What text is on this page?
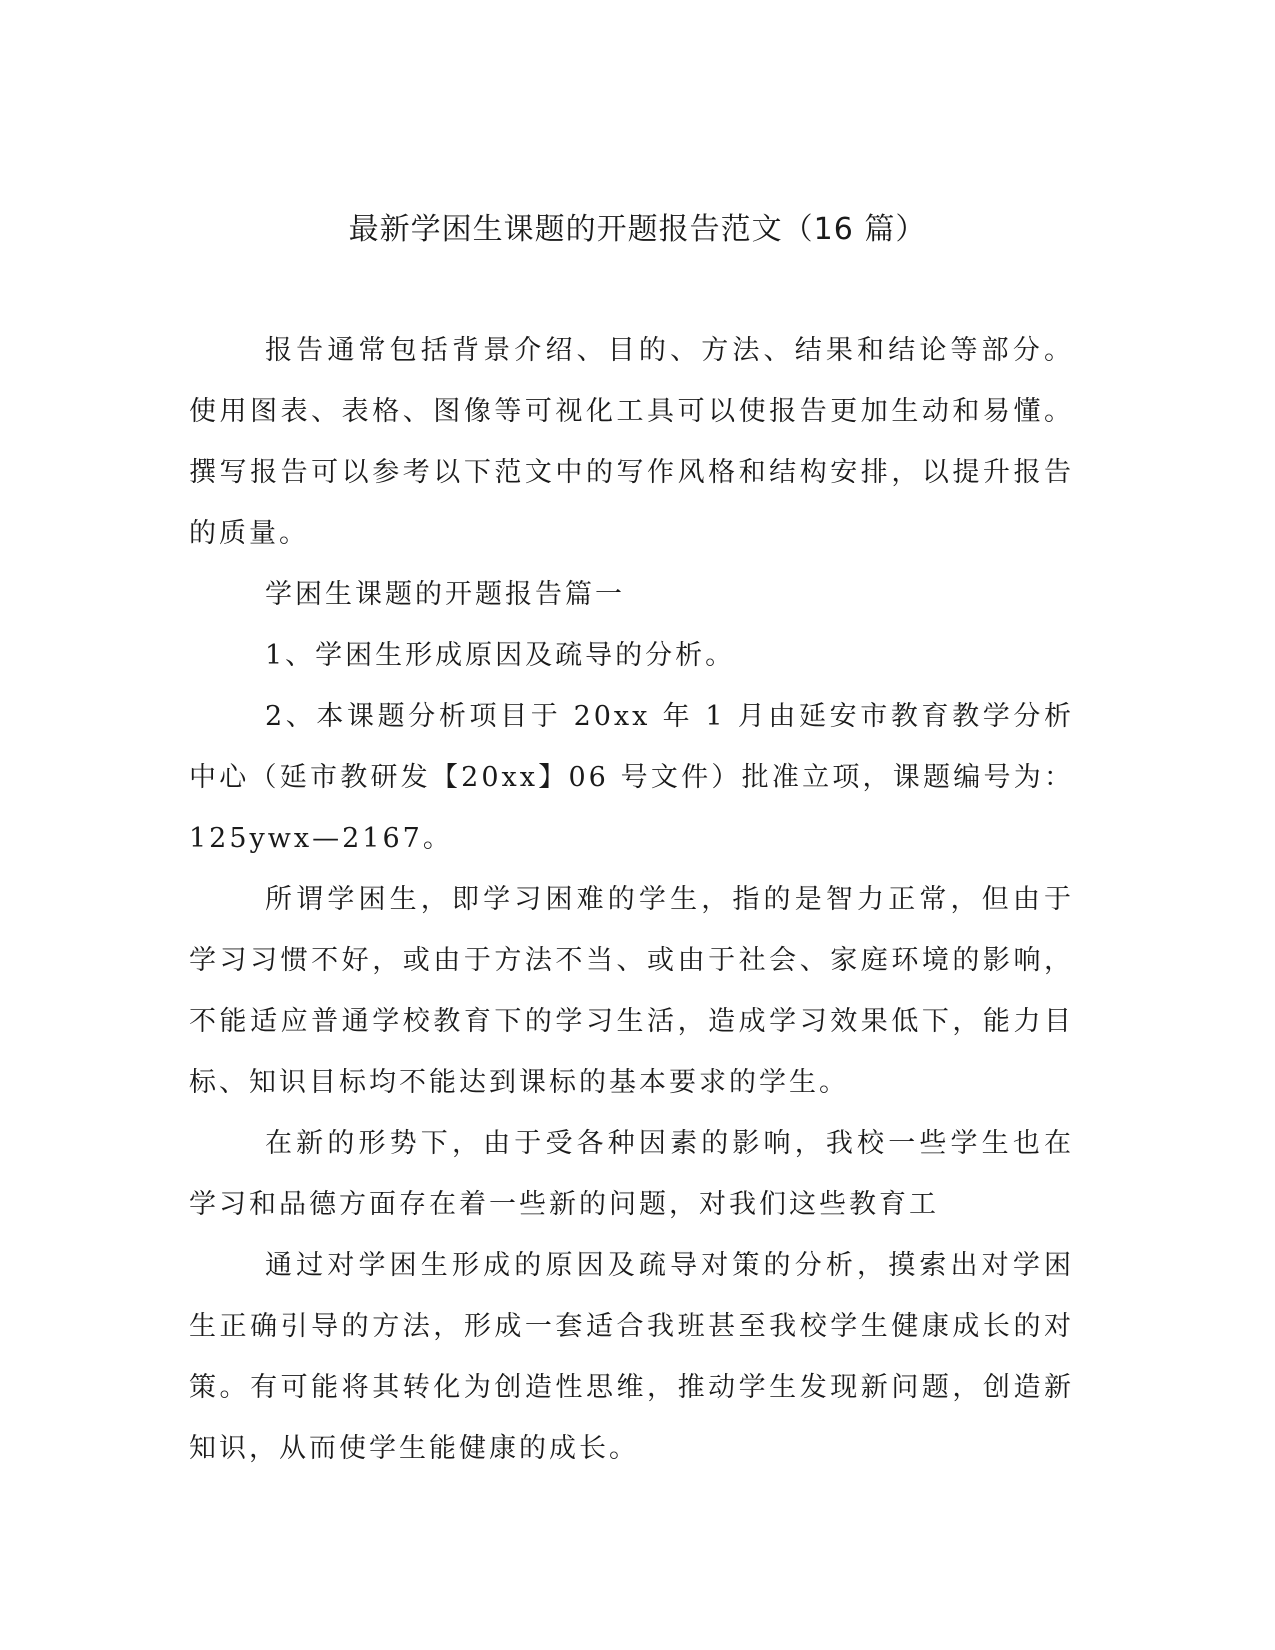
最新学困生课题的开题报告范文（16 篇）

报告通常包括背景介绍、目的、方法、结果和结论等部分。使用图表、表格、图像等可视化工具可以使报告更加生动和易懂。撰写报告可以参考以下范文中的写作风格和结构安排，以提升报告的质量。

学困生课题的开题报告篇一

1、学困生形成原因及疏导的分析。

2、本课题分析项目于 20xx 年 1 月由延安市教育教学分析中心（延市教研发【20xx】06 号文件）批准立项，课题编号为：125ywx—2167。

所谓学困生，即学习困难的学生，指的是智力正常，但由于学习习惯不好，或由于方法不当、或由于社会、家庭环境的影响，不能适应普通学校教育下的学习生活，造成学习效果低下，能力目标、知识目标均不能达到课标的基本要求的学生。

在新的形势下，由于受各种因素的影响，我校一些学生也在学习和品德方面存在着一些新的问题，对我们这些教育工

通过对学困生形成的原因及疏导对策的分析，摸索出对学困生正确引导的方法，形成一套适合我班甚至我校学生健康成长的对策。有可能将其转化为创造性思维，推动学生发现新问题，创造新知识，从而使学生能健康的成长。
